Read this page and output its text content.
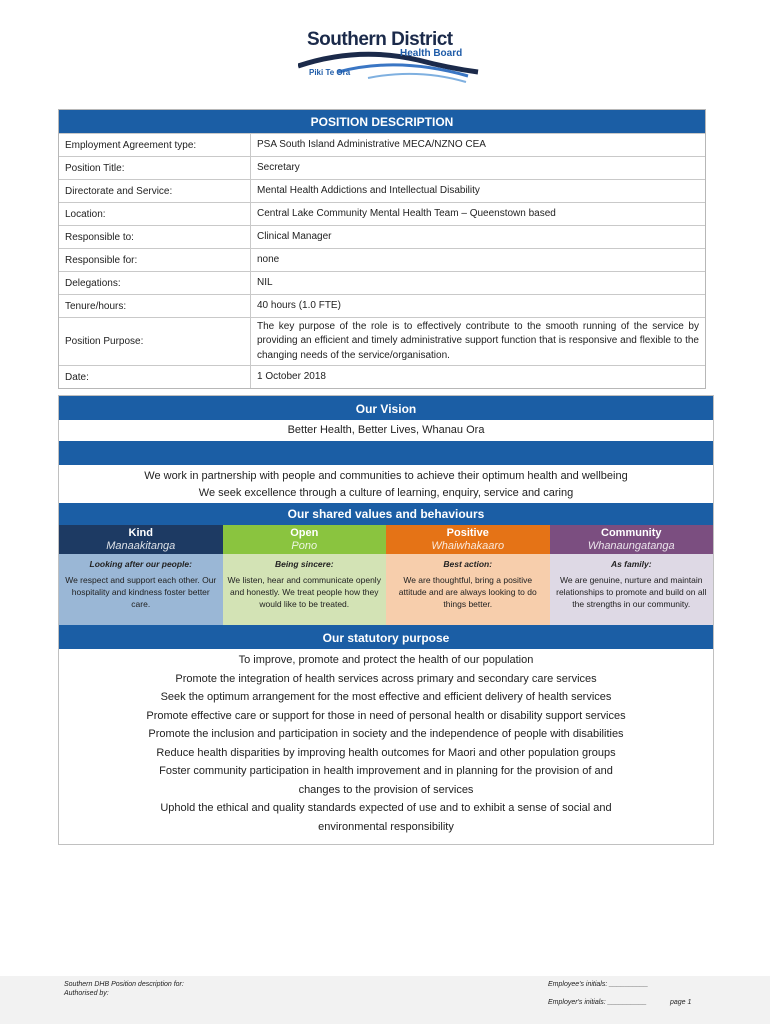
Southern District
Health Board
Piki Te Ora
POSITION DESCRIPTION
Employment Agreement type:	PSA South Island Administrative MECA/NZNO CEA
Position Title:	Secretary
Directorate and Service:	Mental Health Addictions and Intellectual Disability
Location:	Central Lake Community Mental Health Team – Queenstown based
Responsible to:	Clinical Manager
Responsible for:	none
Delegations:	NIL
Tenure/hours:	40 hours (1.0 FTE)
Position Purpose:
The key purpose of the role is to effectively contribute to the smooth running of the service by providing an efficient and timely administrative support function that is responsive and flexible to the changing needs of the service/organisation.
Date:	1 October 2018
Our Vision
Better Health, Better Lives, Whanau Ora
We work in partnership with people and communities to achieve their optimum health and wellbeing
We seek excellence through a culture of learning, enquiry, service and caring
Our shared values and behaviours
Kind
Manaakitanga
Looking after our people:
We respect and support each other. Our hospitality and kindness foster better care.
Open
Pono
Being sincere:
We listen, hear and communicate openly and honestly. We treat people how they would like to be treated.
Positive
Whaiwhakaaro
Best action:
We are thoughtful, bring a positive attitude and are always looking to do things better.
Community
Whanaungatanga
As family:
We are genuine, nurture and maintain relationships to promote and build on all the strengths in our community.
Our statutory purpose
To improve, promote and protect the health of our population
Promote the integration of health services across primary and secondary care services
Seek the optimum arrangement for the most effective and efficient delivery of health services
Promote effective care or support for those in need of personal health or disability support services
Promote the inclusion and participation in society and the independence of people with disabilities
Reduce health disparities by improving health outcomes for Maori and other population groups
Foster community participation in health improvement and in planning for the provision of and
changes to the provision of services
Uphold the ethical and quality standards expected of use and to exhibit a sense of social and
environmental responsibility
Southern DHB Position description for:
Authorised by:
Employee's initials: __________
Employer's initials: __________	page 1
